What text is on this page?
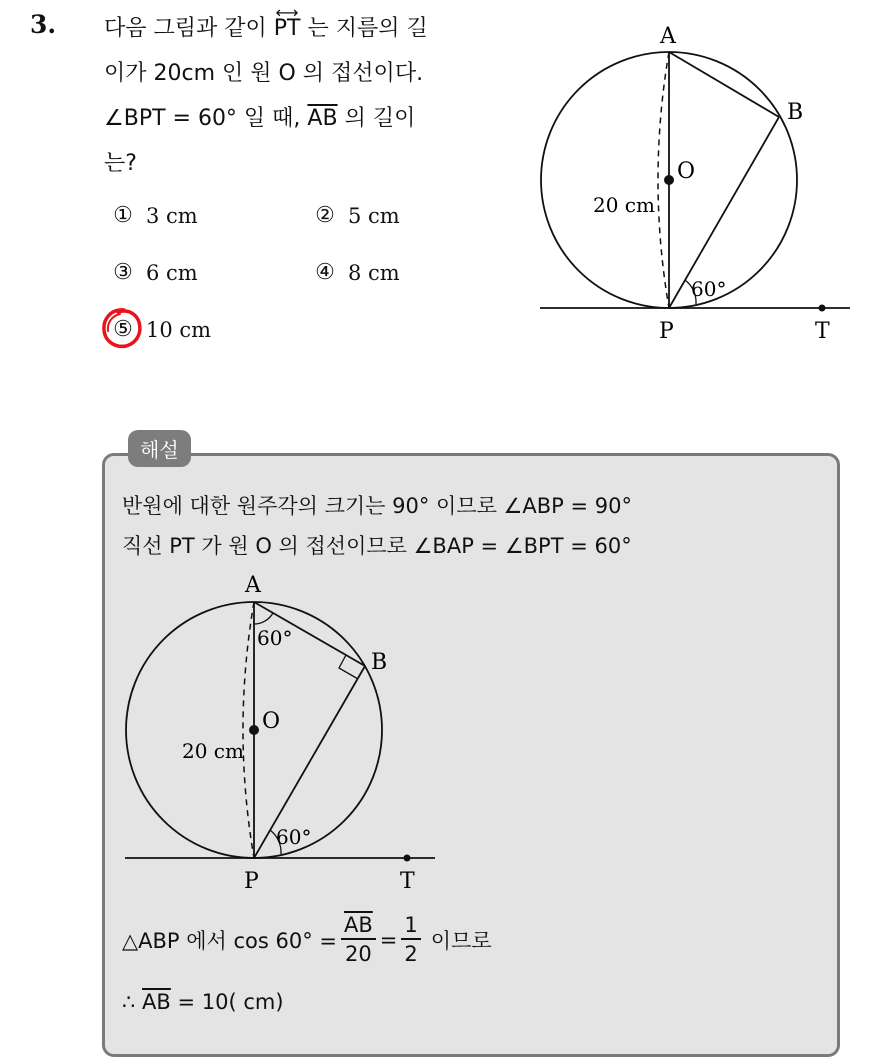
3. 다음 그림과 같이 ⟷ PT 는 지름의 길
이가 20cm 인 원 O 의 접선이다.
∠BPT = 60° 일 때, $\overline{AB}$ 의 길이
는?
① 3 cm	② 5 cm
③ 6 cm	④ 8 cm
⑤ 10 cm
A
B
O
P	T
20 cm
60°
해설
반원에 대한 원주각의 크기는 90° 이므로 ∠ABP = 90°
직선 PT 가 원 O 의 접선이므로 ∠BAP = ∠BPT = 60°
A
B
O
P	T
20 cm
60°
60°
△ABP 에서 $\cos 60^\circ = \frac{\overline{AB}}{20} = \frac{1}{2}$ 이므로
∴ $\overline{AB} = 10$( cm)
